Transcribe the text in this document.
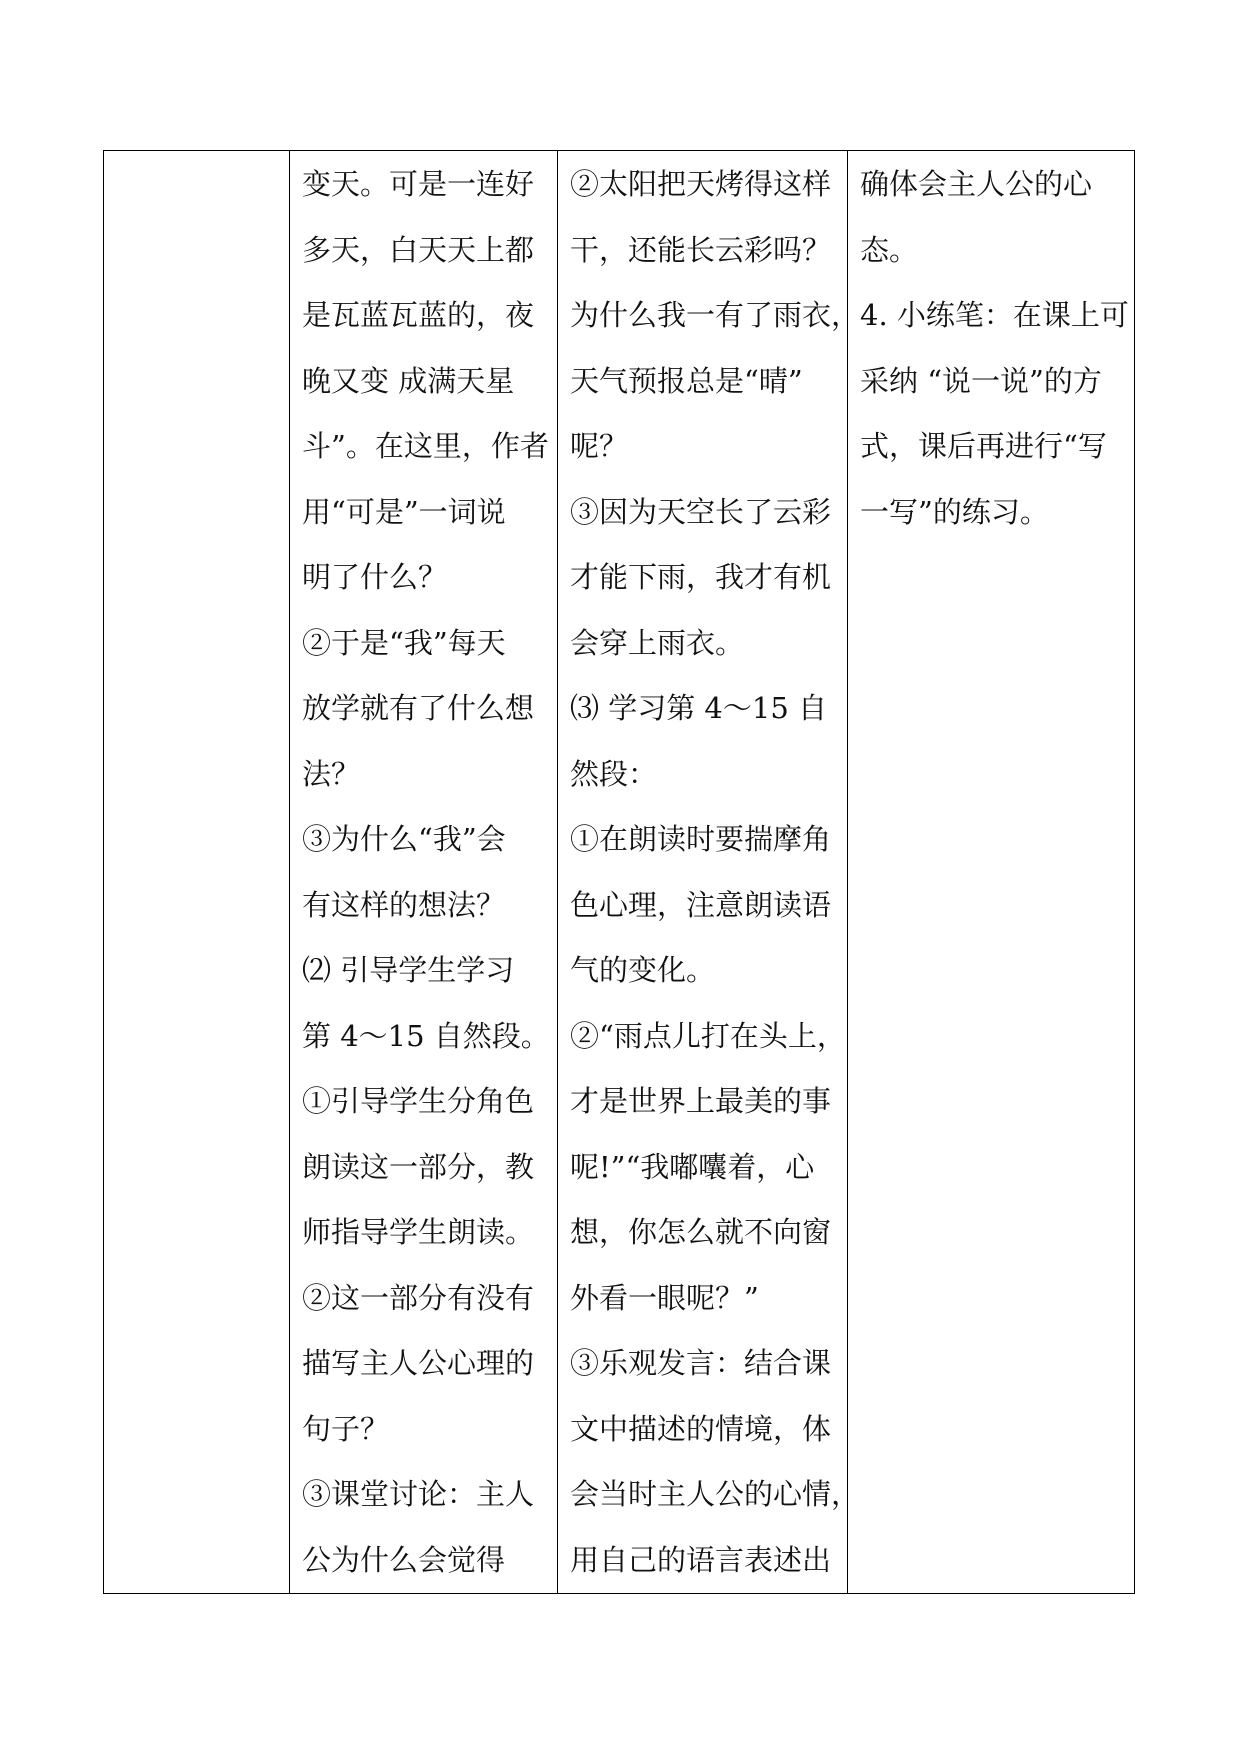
变天。可是一连好
多天，白天天上都
是瓦蓝瓦蓝的，夜
晚又变 成满天星
斗”。在这里，作者
用“可是”一词说
明了什么？
②于是“我”每天
放学就有了什么想
法？
③为什么“我”会
有这样的想法？
⑵ 引导学生学习
第 4～15 自然段。
①引导学生分角色
朗读这一部分，教
师指导学生朗读。
②这一部分有没有
描写主人公心理的
句子？
③课堂讨论：主人
公为什么会觉得

②太阳把天烤得这样
干，还能长云彩吗？
为什么我一有了雨衣，
天气预报总是“晴”
呢？
③因为天空长了云彩
才能下雨，我才有机
会穿上雨衣。
⑶ 学习第 4～15 自
然段：
①在朗读时要揣摩角
色心理，注意朗读语
气的变化。
②“雨点儿打在头上，
才是世界上最美的事
呢!”“我嘟囔着，心
想，你怎么就不向窗
外看一眼呢？”
③乐观发言：结合课
文中描述的情境，体
会当时主人公的心情，
用自己的语言表述出

确体会主人公的心
态。
4. 小练笔：在课上可
采纳 “说一说”的方
式，课后再进行“写
一写”的练习。
